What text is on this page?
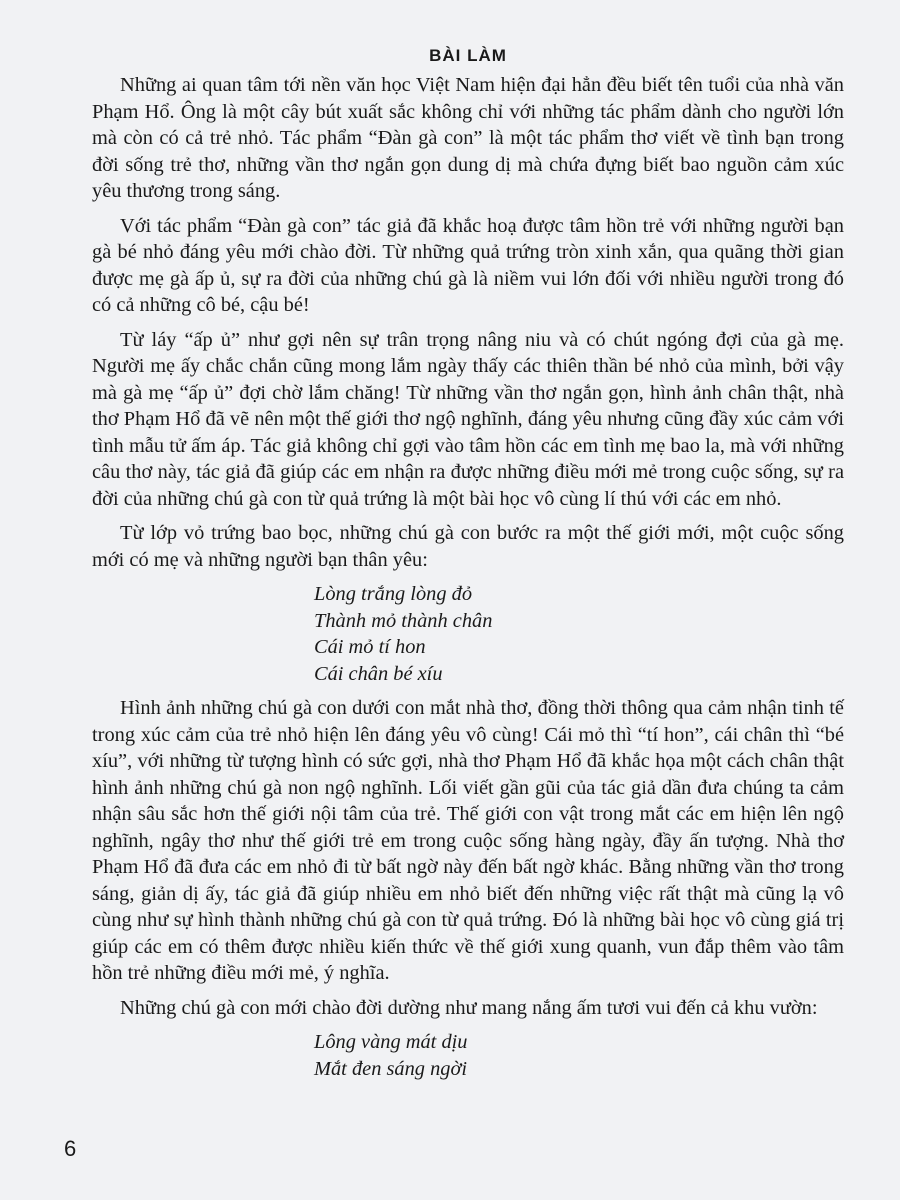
BÀI LÀM

Những ai quan tâm tới nền văn học Việt Nam hiện đại hẳn đều biết tên tuổi của nhà văn Phạm Hổ. Ông là một cây bút xuất sắc không chỉ với những tác phẩm dành cho người lớn mà còn có cả trẻ nhỏ. Tác phẩm “Đàn gà con” là một tác phẩm thơ viết về tình bạn trong đời sống trẻ thơ, những vần thơ ngắn gọn dung dị mà chứa đựng biết bao nguồn cảm xúc yêu thương trong sáng.

Với tác phẩm “Đàn gà con” tác giả đã khắc hoạ được tâm hồn trẻ với những người bạn gà bé nhỏ đáng yêu mới chào đời. Từ những quả trứng tròn xinh xắn, qua quãng thời gian được mẹ gà ấp ủ, sự ra đời của những chú gà là niềm vui lớn đối với nhiều người trong đó có cả những cô bé, cậu bé!

Từ láy “ấp ủ” như gợi nên sự trân trọng nâng niu và có chút ngóng đợi của gà mẹ. Người mẹ ấy chắc chắn cũng mong lắm ngày thấy các thiên thần bé nhỏ của mình, bởi vậy mà gà mẹ “ấp ủ” đợi chờ lắm chăng! Từ những vần thơ ngắn gọn, hình ảnh chân thật, nhà thơ Phạm Hổ đã vẽ nên một thế giới thơ ngộ nghĩnh, đáng yêu nhưng cũng đầy xúc cảm với tình mẫu tử ấm áp. Tác giả không chỉ gợi vào tâm hồn các em tình mẹ bao la, mà với những câu thơ này, tác giả đã giúp các em nhận ra được những điều mới mẻ trong cuộc sống, sự ra đời của những chú gà con từ quả trứng là một bài học vô cùng lí thú với các em nhỏ.

Từ lớp vỏ trứng bao bọc, những chú gà con bước ra một thế giới mới, một cuộc sống mới có mẹ và những người bạn thân yêu:

Lòng trắng lòng đỏ
Thành mỏ thành chân
Cái mỏ tí hon
Cái chân bé xíu

Hình ảnh những chú gà con dưới con mắt nhà thơ, đồng thời thông qua cảm nhận tinh tế trong xúc cảm của trẻ nhỏ hiện lên đáng yêu vô cùng! Cái mỏ thì “tí hon”, cái chân thì “bé xíu”, với những từ tượng hình có sức gợi, nhà thơ Phạm Hổ đã khắc họa một cách chân thật hình ảnh những chú gà non ngộ nghĩnh. Lối viết gần gũi của tác giả dần đưa chúng ta cảm nhận sâu sắc hơn thế giới nội tâm của trẻ. Thế giới con vật trong mắt các em hiện lên ngộ nghĩnh, ngây thơ như thế giới trẻ em trong cuộc sống hàng ngày, đầy ấn tượng. Nhà thơ Phạm Hổ đã đưa các em nhỏ đi từ bất ngờ này đến bất ngờ khác. Bằng những vần thơ trong sáng, giản dị ấy, tác giả đã giúp nhiều em nhỏ biết đến những việc rất thật mà cũng lạ vô cùng như sự hình thành những chú gà con từ quả trứng. Đó là những bài học vô cùng giá trị giúp các em có thêm được nhiều kiến thức về thế giới xung quanh, vun đắp thêm vào tâm hồn trẻ những điều mới mẻ, ý nghĩa.

Những chú gà con mới chào đời dường như mang nắng ấm tươi vui đến cả khu vườn:

Lông vàng mát dịu
Mắt đen sáng ngời
6
